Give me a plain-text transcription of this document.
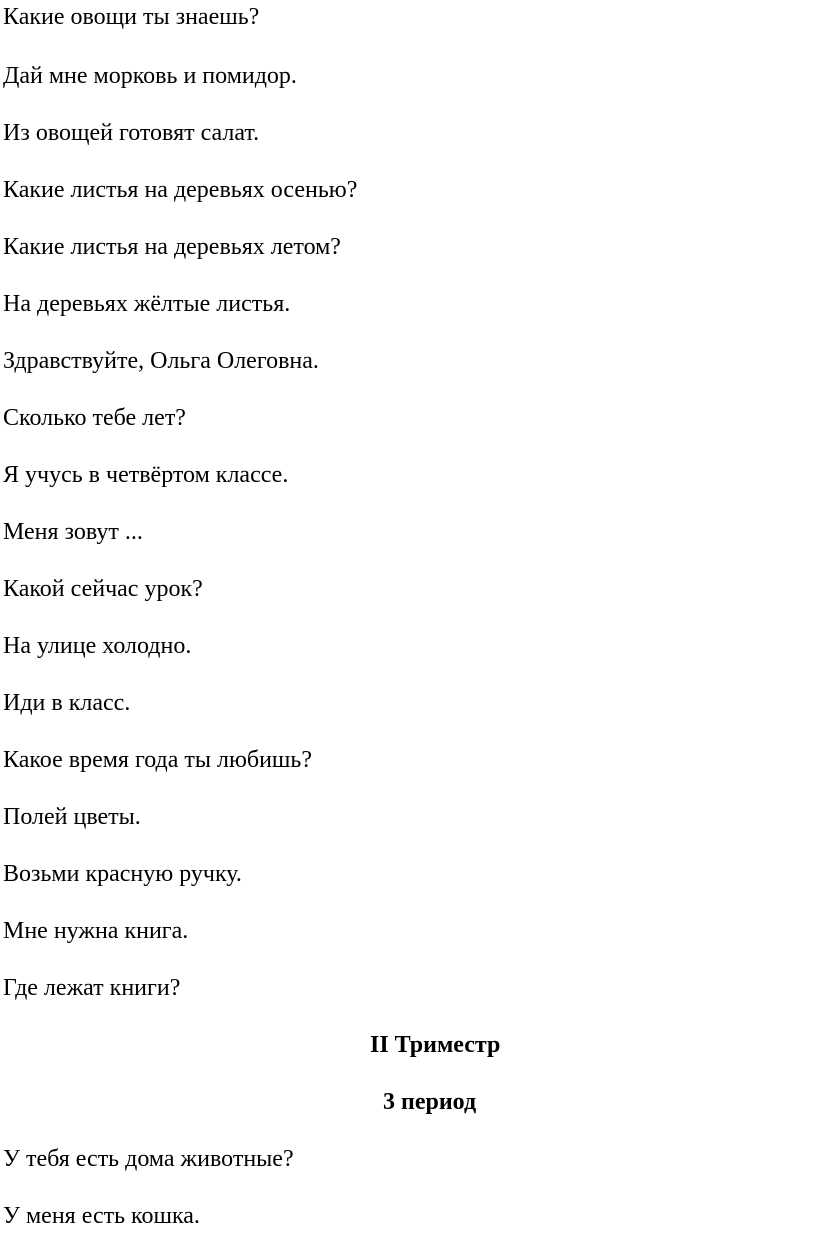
Какие овощи ты знаешь?

Дай мне морковь и помидор.

Из овощей готовят салат.

Какие листья на деревьях осенью?

Какие листья на деревьях летом?

На деревьях жёлтые листья.

Здравствуйте, Ольга Олеговна.

Сколько тебе лет?

Я учусь в четвёртом классе.

Меня зовут ...

Какой сейчас урок?

На улице холодно.

Иди в класс.

Какое время года ты любишь?

Полей цветы.

Возьми красную ручку.

Мне нужна книга.

Где лежат книги?

II Триместр
3 период

У тебя есть дома животные?

У меня есть кошка.
